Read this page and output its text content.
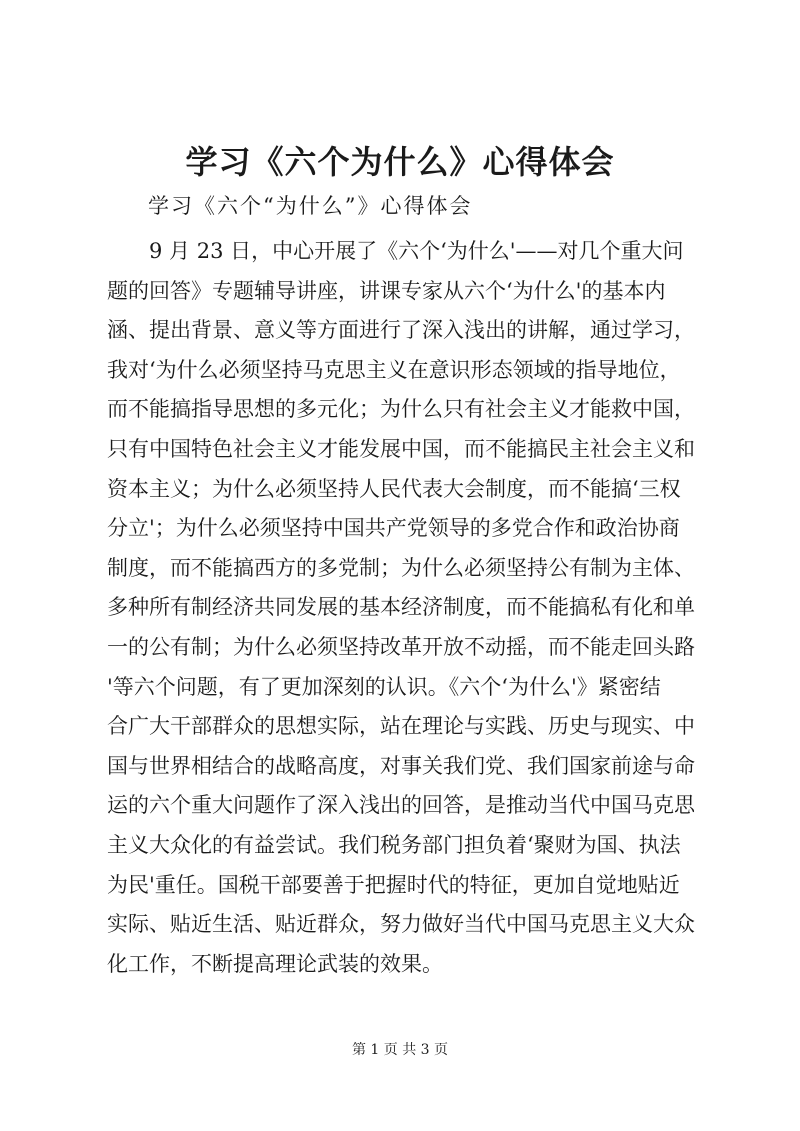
学习《六个为什么》心得体会

学习《六个“为什么”》心得体会

9 月 23 日，中心开展了《六个‘为什么'——对几个重大问
题的回答》专题辅导讲座，讲课专家从六个‘为什么'的基本内
涵、提出背景、意义等方面进行了深入浅出的讲解，通过学习，
我对‘为什么必须坚持马克思主义在意识形态领域的指导地位，
而不能搞指导思想的多元化；为什么只有社会主义才能救中国，
只有中国特色社会主义才能发展中国，而不能搞民主社会主义和
资本主义；为什么必须坚持人民代表大会制度，而不能搞‘三权
分立'；为什么必须坚持中国共产党领导的多党合作和政治协商
制度，而不能搞西方的多党制；为什么必须坚持公有制为主体、
多种所有制经济共同发展的基本经济制度，而不能搞私有化和单
一的公有制；为什么必须坚持改革开放不动摇，而不能走回头路
'等六个问题，有了更加深刻的认识。《六个‘为什么'》紧密结
合广大干部群众的思想实际，站在理论与实践、历史与现实、中
国与世界相结合的战略高度，对事关我们党、我们国家前途与命
运的六个重大问题作了深入浅出的回答，是推动当代中国马克思
主义大众化的有益尝试。我们税务部门担负着‘聚财为国、执法
为民'重任。国税干部要善于把握时代的特征，更加自觉地贴近
实际、贴近生活、贴近群众，努力做好当代中国马克思主义大众
化工作，不断提高理论武装的效果。
第 1 页 共 3 页
